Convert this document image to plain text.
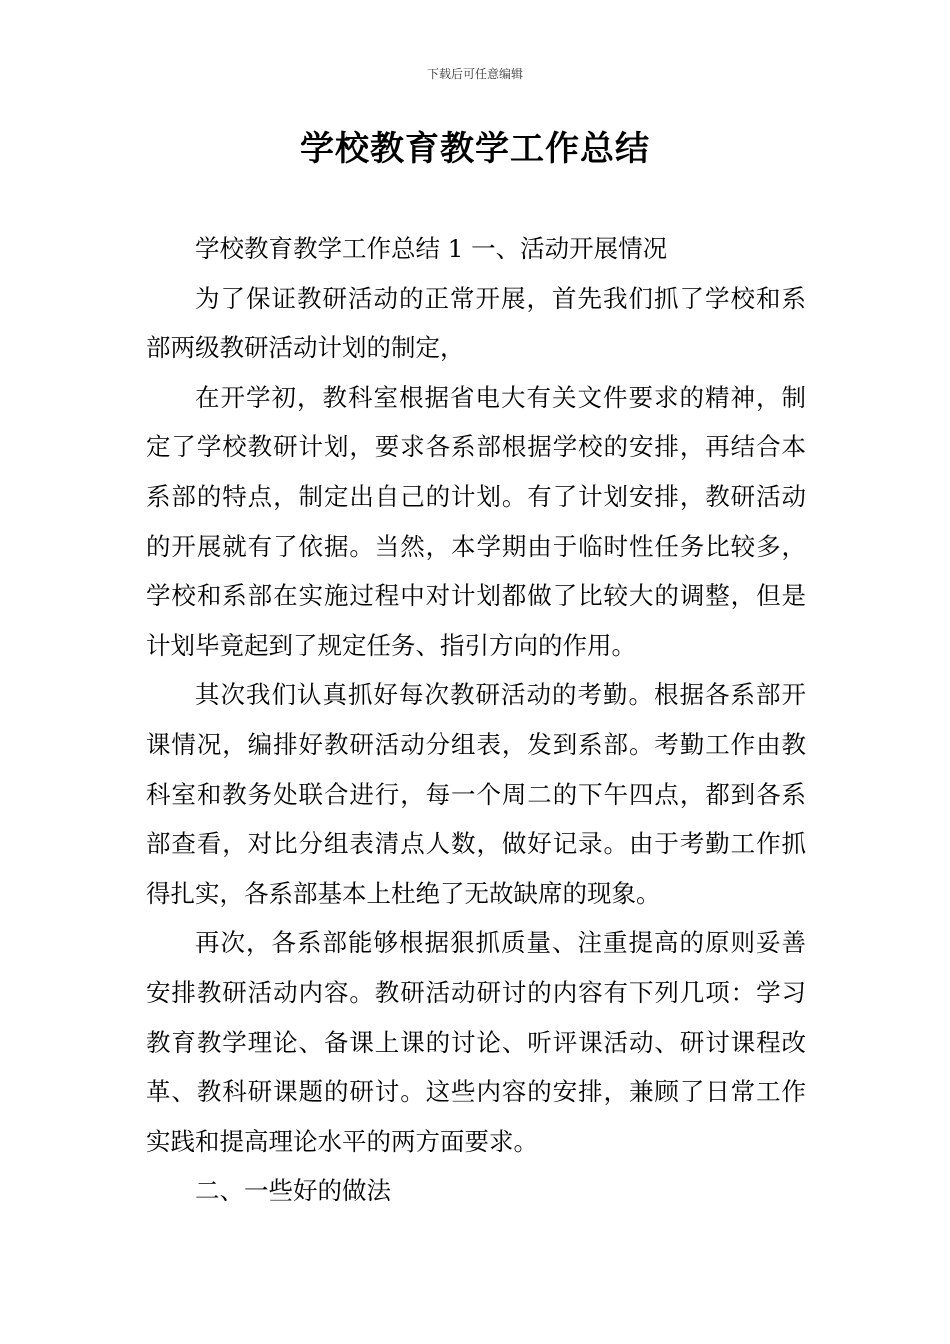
下载后可任意编辑
学校教育教学工作总结

学校教育教学工作总结 1 一、活动开展情况

为了保证教研活动的正常开展，首先我们抓了学校和系部两级教研活动计划的制定，

在开学初，教科室根据省电大有关文件要求的精神，制定了学校教研计划，要求各系部根据学校的安排，再结合本系部的特点，制定出自己的计划。有了计划安排，教研活动的开展就有了依据。当然，本学期由于临时性任务比较多，学校和系部在实施过程中对计划都做了比较大的调整，但是计划毕竟起到了规定任务、指引方向的作用。

其次我们认真抓好每次教研活动的考勤。根据各系部开课情况，编排好教研活动分组表，发到系部。考勤工作由教科室和教务处联合进行，每一个周二的下午四点，都到各系部查看，对比分组表清点人数，做好记录。由于考勤工作抓得扎实，各系部基本上杜绝了无故缺席的现象。

再次，各系部能够根据狠抓质量、注重提高的原则妥善安排教研活动内容。教研活动研讨的内容有下列几项：学习教育教学理论、备课上课的讨论、听评课活动、研讨课程改革、教科研课题的研讨。这些内容的安排，兼顾了日常工作实践和提高理论水平的两方面要求。

二、一些好的做法
